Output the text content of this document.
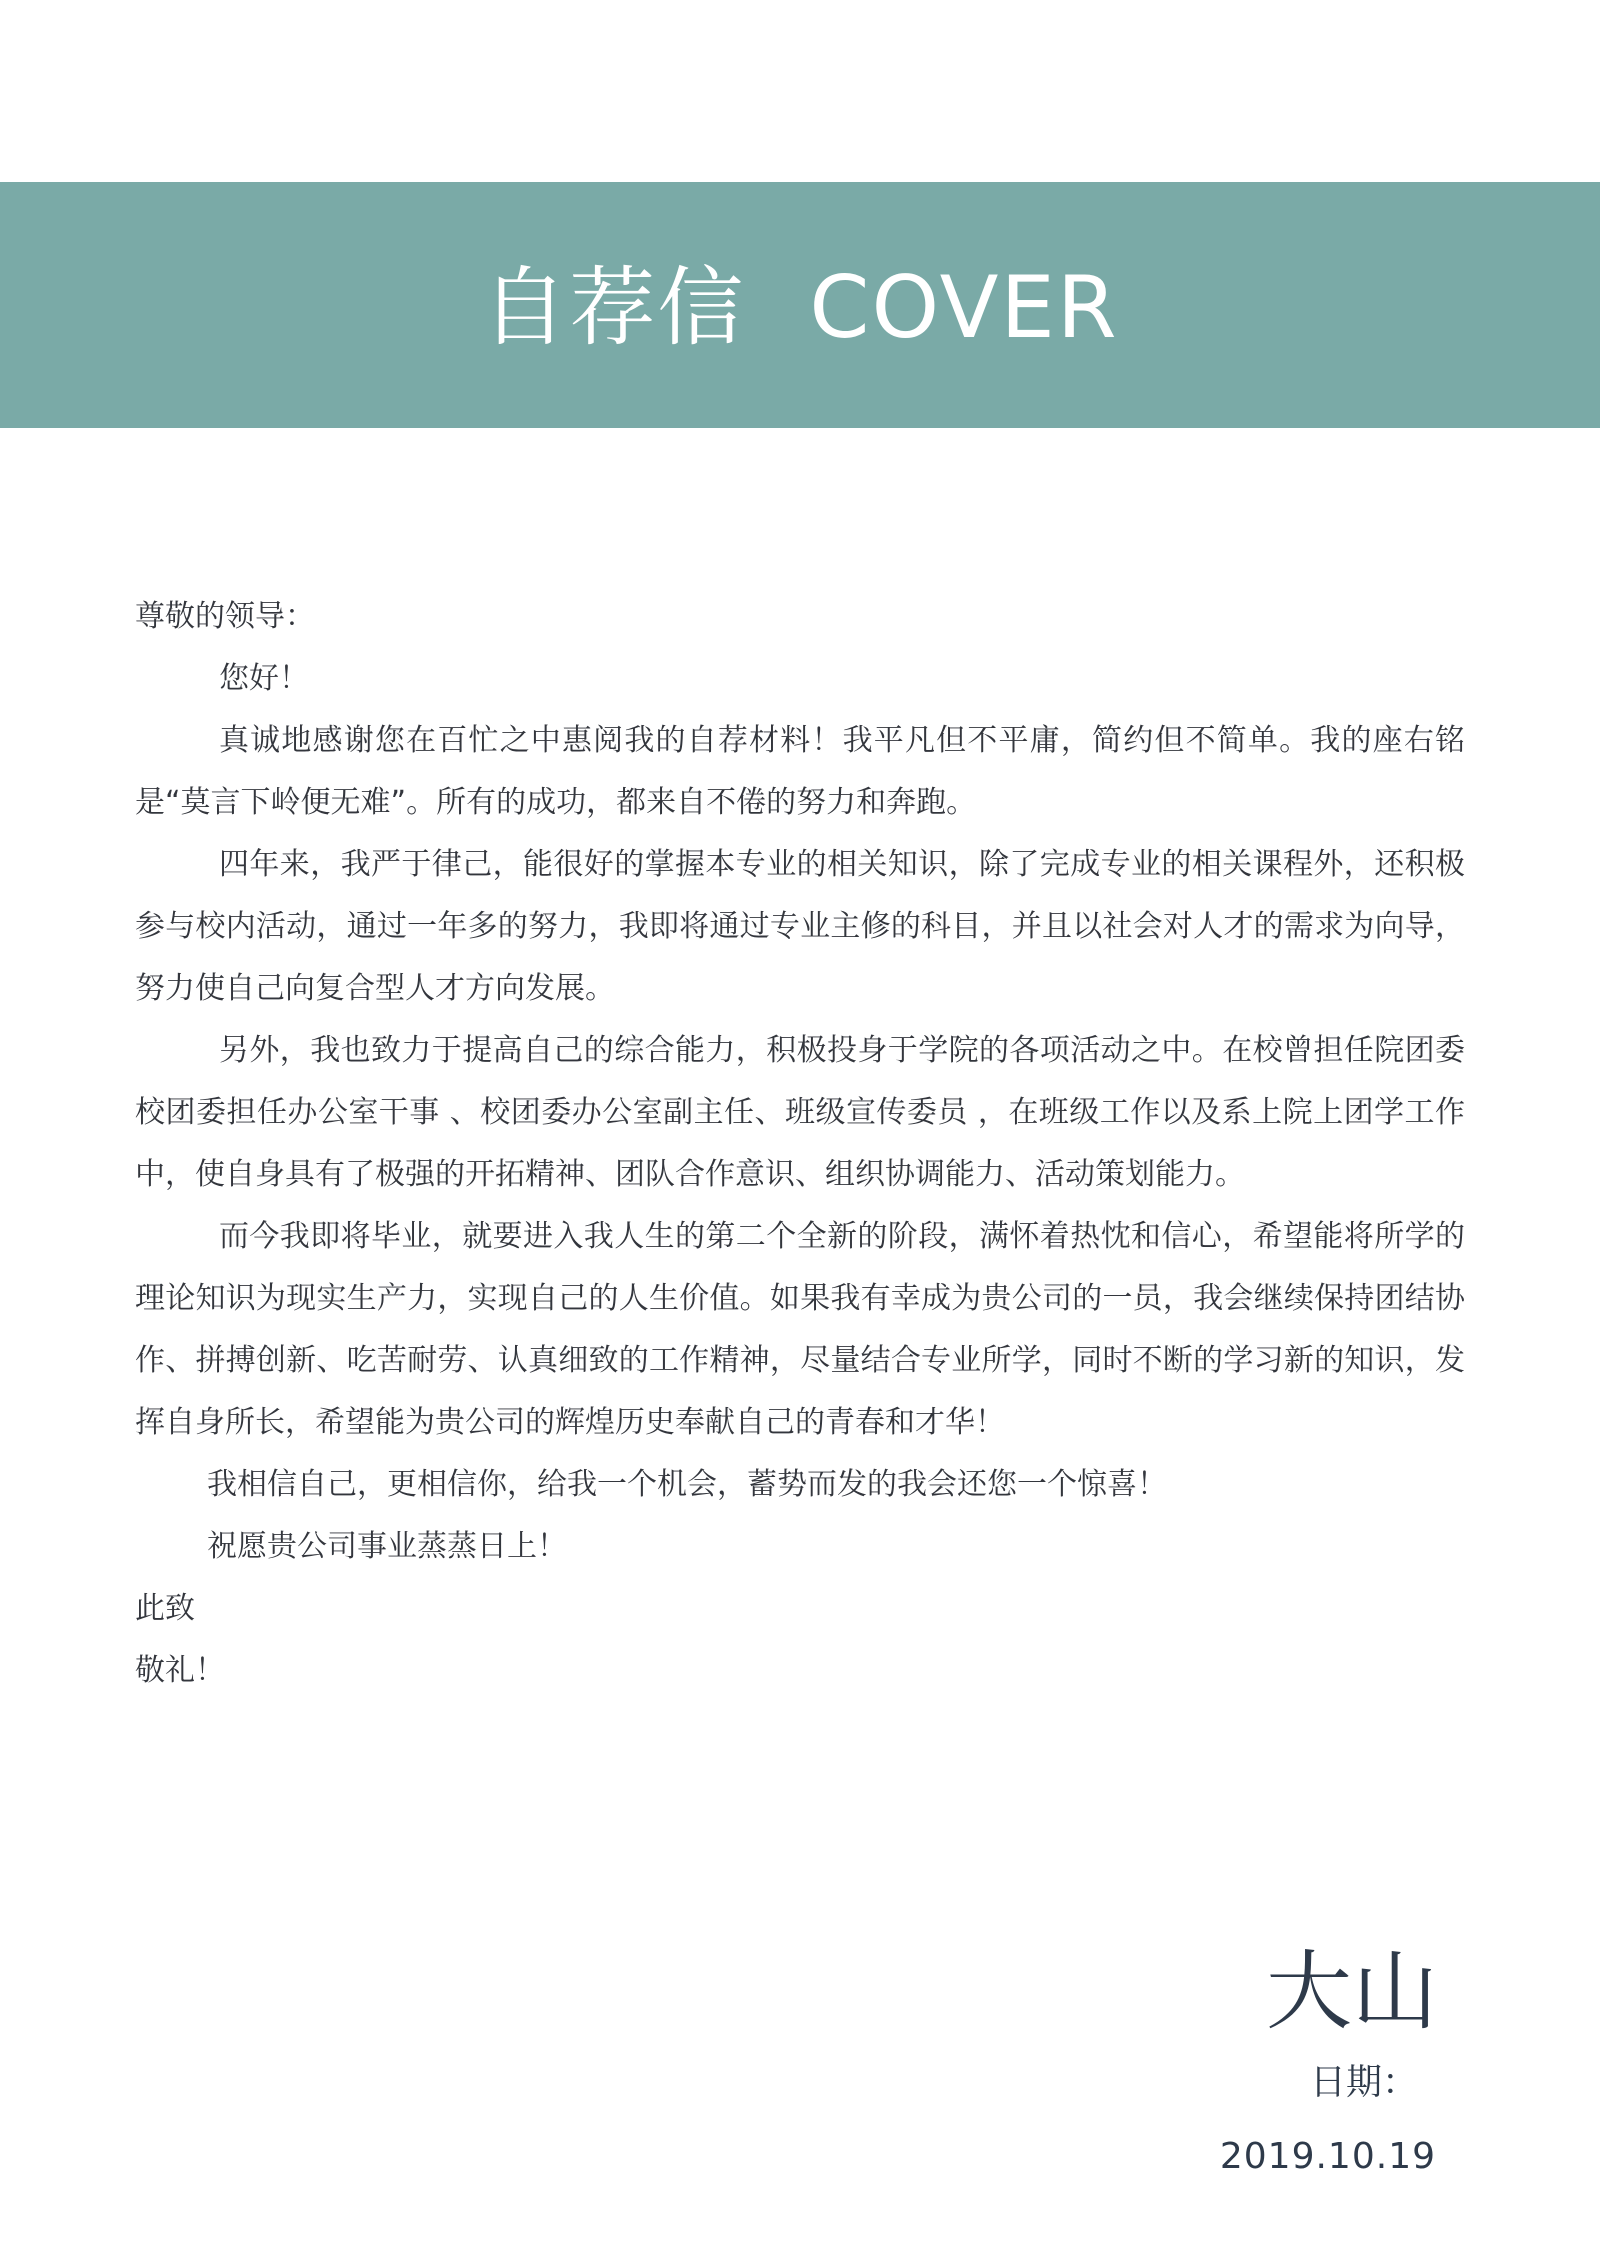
自荐信 COVER

尊敬的领导：

您好！

真诚地感谢您在百忙之中惠阅我的自荐材料！我平凡但不平庸，简约但不简单。我的座右铭是“莫言下岭便无难”。所有的成功，都来自不倦的努力和奔跑。

四年来，我严于律己，能很好的掌握本专业的相关知识，除了完成专业的相关课程外，还积极参与校内活动，通过一年多的努力，我即将通过专业主修的科目，并且以社会对人才的需求为向导，努力使自己向复合型人才方向发展。

另外，我也致力于提高自己的综合能力，积极投身于学院的各项活动之中。在校曾担任院团委校团委担任办公室干事 、校团委办公室副主任、班级宣传委员 ，在班级工作以及系上院上团学工作中，使自身具有了极强的开拓精神、团队合作意识、组织协调能力、活动策划能力。

而今我即将毕业，就要进入我人生的第二个全新的阶段，满怀着热忱和信心，希望能将所学的理论知识为现实生产力，实现自己的人生价值。如果我有幸成为贵公司的一员，我会继续保持团结协作、拼搏创新、吃苦耐劳、认真细致的工作精神，尽量结合专业所学，同时不断的学习新的知识，发挥自身所长，希望能为贵公司的辉煌历史奉献自己的青春和才华！

我相信自己，更相信你，给我一个机会，蓄势而发的我会还您一个惊喜！

祝愿贵公司事业蒸蒸日上！

此致

敬礼！

大山
日期：
2019.10.19
